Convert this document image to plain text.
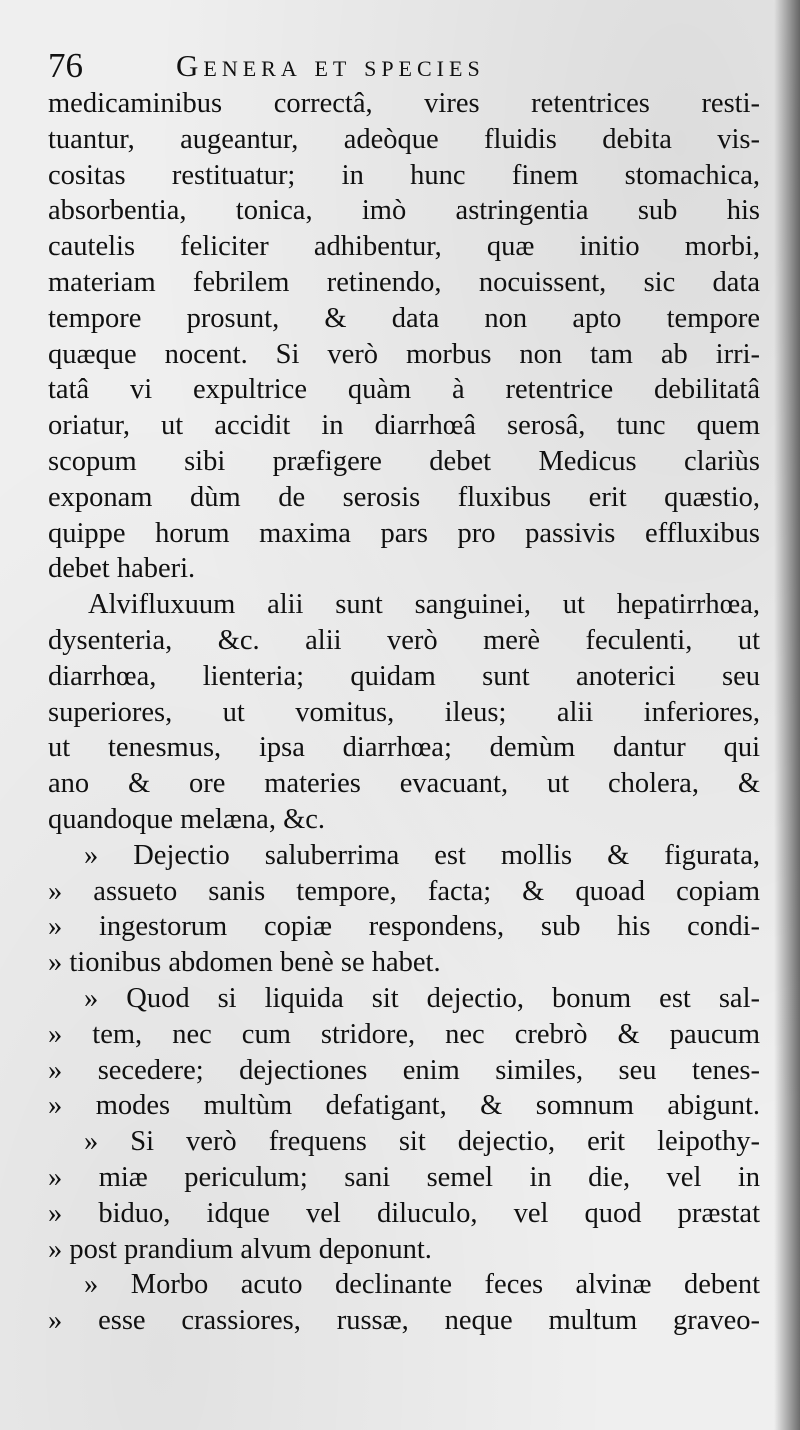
76	Genera et species
medicaminibus correctâ, vires retentrices resti-
tuantur, augeantur, adeòque fluidis debita vis-
cositas restituatur; in hunc finem stomachica,
absorbentia, tonica, imò astringentia sub his
cautelis feliciter adhibentur, quæ initio morbi,
materiam febrilem retinendo, nocuissent, sic data
tempore prosunt, & data non apto tempore
quæque nocent. Si verò morbus non tam ab irri-
tatâ vi expultrice quàm à retentrice debilitatâ
oriatur, ut accidit in diarrhœâ serosâ, tunc quem
scopum sibi præfigere debet Medicus clariùs
exponam dùm de serosis fluxibus erit quæstio,
quippe horum maxima pars pro passivis effluxibus
debet haberi.
Alvifluxuum alii sunt sanguinei, ut hepatirrhœa,
dysenteria, &c. alii verò merè feculenti, ut
diarrhœa, lienteria; quidam sunt anoterici seu
superiores, ut vomitus, ileus; alii inferiores,
ut tenesmus, ipsa diarrhœa; demùm dantur qui
ano & ore materies evacuant, ut cholera, &
quandoque melæna, &c.
» Dejectio saluberrima est mollis & figurata,
» assueto sanis tempore, facta; & quoad copiam
» ingestorum copiæ respondens, sub his condi-
» tionibus abdomen benè se habet.
» Quod si liquida sit dejectio, bonum est sal-
» tem, nec cum stridore, nec crebrò & paucum
» secedere; dejectiones enim similes, seu tenes-
» modes multùm defatigant, & somnum abigunt.
» Si verò frequens sit dejectio, erit leipothy-
» miæ periculum; sani semel in die, vel in
» biduo, idque vel diluculo, vel quod præstat
» post prandium alvum deponunt.
» Morbo acuto declinante feces alvinæ debent
» esse crassiores, russæ, neque multum graveo-
